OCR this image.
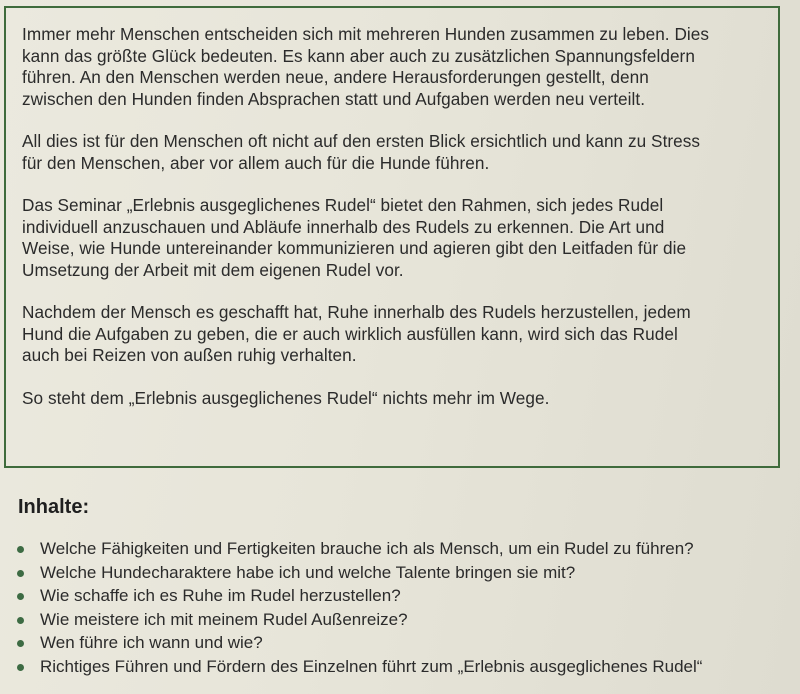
Immer mehr Menschen entscheiden sich mit mehreren Hunden zusammen zu leben. Dies
kann das größte Glück bedeuten. Es kann aber auch zu zusätzlichen Spannungsfeldern
führen. An den Menschen werden neue, andere Herausforderungen gestellt, denn
zwischen den Hunden finden Absprachen statt und Aufgaben werden neu verteilt.

All dies ist für den Menschen oft nicht auf den ersten Blick ersichtlich und kann zu Stress
für den Menschen, aber vor allem auch für die Hunde führen.

Das Seminar „Erlebnis ausgeglichenes Rudel“ bietet den Rahmen, sich jedes Rudel
individuell anzuschauen und Abläufe innerhalb des Rudels zu erkennen. Die Art und
Weise, wie Hunde untereinander kommunizieren und agieren gibt den Leitfaden für die
Umsetzung der Arbeit mit dem eigenen Rudel vor.

Nachdem der Mensch es geschafft hat, Ruhe innerhalb des Rudels herzustellen, jedem
Hund die Aufgaben zu geben, die er auch wirklich ausfüllen kann, wird sich das Rudel
auch bei Reizen von außen ruhig verhalten.

So steht dem „Erlebnis ausgeglichenes Rudel“ nichts mehr im Wege.

Inhalte:
Welche Fähigkeiten und Fertigkeiten brauche ich als Mensch, um ein Rudel zu führen?
Welche Hundecharaktere habe ich und welche Talente bringen sie mit?
Wie schaffe ich es Ruhe im Rudel herzustellen?
Wie meistere ich mit meinem Rudel Außenreize?
Wen führe ich wann und wie?
Richtiges Führen und Fördern des Einzelnen führt zum „Erlebnis ausgeglichenes Rudel“
